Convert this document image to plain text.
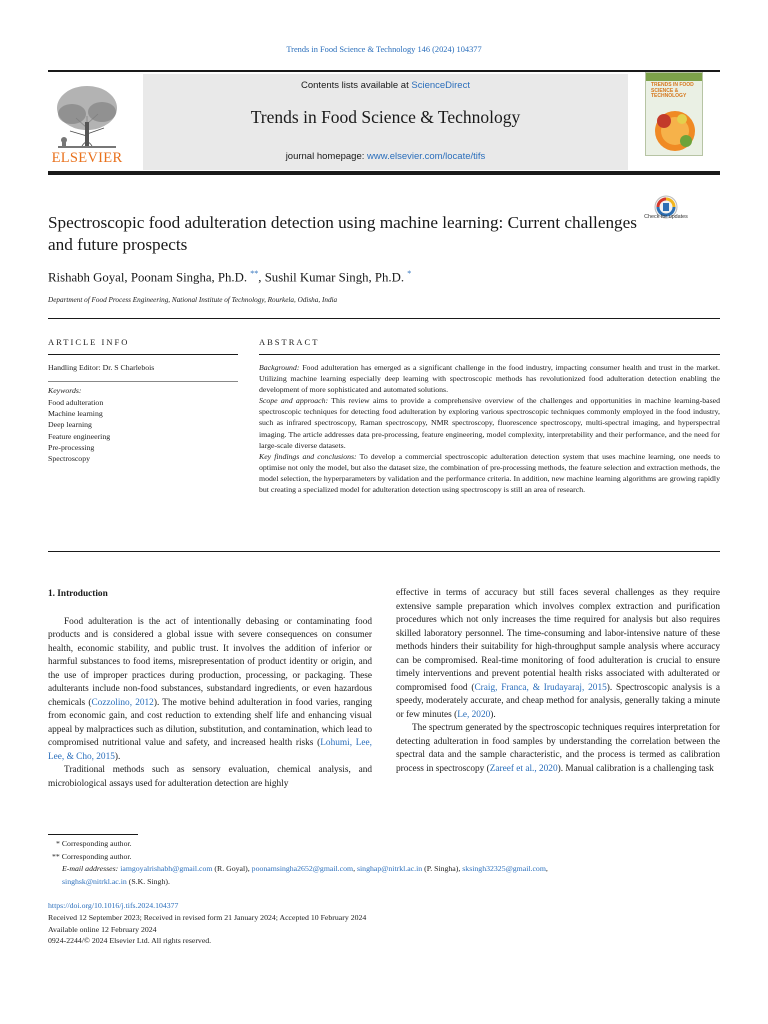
Trends in Food Science & Technology 146 (2024) 104377
ELSEVIER
Contents lists available at ScienceDirect
Trends in Food Science & Technology
journal homepage: www.elsevier.com/locate/tifs
TRENDS IN FOOD SCIENCE & TECHNOLOGY
Spectroscopic food adulteration detection using machine learning: Current challenges and future prospects
Check for updates
Rishabh Goyal, Poonam Singha, Ph.D. **, Sushil Kumar Singh, Ph.D. *
Department of Food Process Engineering, National Institute of Technology, Rourkela, Odisha, India
ARTICLE INFO
Handling Editor: Dr. S Charlebois
Keywords:
Food adulteration
Machine learning
Deep learning
Feature engineering
Pre-processing
Spectroscopy
ABSTRACT

Background: Food adulteration has emerged as a significant challenge in the food industry, impacting consumer health and trust in the market. Utilizing machine learning especially deep learning with spectroscopic methods has revolutionized food adulteration detection enabling the development of more sophisticated and automated solutions.

Scope and approach: This review aims to provide a comprehensive overview of the challenges and opportunities in machine learning-based spectroscopic techniques for detecting food adulteration by exploring various spectroscopic techniques commonly employed in the food industry, such as infrared spectroscopy, Raman spectroscopy, NMR spectroscopy, fluorescence spectroscopy, multi-spectral imaging, and hyperspectral imaging. The article addresses data pre-processing, feature engineering, model complexity, interpretability and their performance, and the need for large-scale diverse datasets.

Key findings and conclusions: To develop a commercial spectroscopic adulteration detection system that uses machine learning, one needs to optimise not only the model, but also the dataset size, the combination of pre-processing methods, the feature selection and extraction methods, the model selection, the hyperparameters by validation and the performance criteria. In addition, new machine learning algorithms are growing rapidly but creating a specialized model for adulteration detection using spectroscopy is still an area of research.

1. Introduction

Food adulteration is the act of intentionally debasing or contaminating food products and is considered a global issue with severe consequences on consumer health, economic stability, and public trust. It involves the addition of inferior or harmful substances to food items, misrepresentation of product identity or origin, and the use of improper practices during production, processing, or packaging. These adulterants include non-food substances, substandard ingredients, or even hazardous chemicals (Cozzolino, 2012). The motive behind adulteration in food varies, ranging from economic gain, and cost reduction to extending shelf life and enhancing visual appeal by malpractices such as dilution, substitution, and contamination, which lead to compromised nutritional value and safety, and increased health risks (Lohumi, Lee, Lee, & Cho, 2015).

Traditional methods such as sensory evaluation, chemical analysis, and microbiological assays used for adulteration detection are highly

effective in terms of accuracy but still faces several challenges as they require extensive sample preparation which involves complex extraction and purification procedures which not only increases the time required for analysis but also requires skilled laboratory personnel. The time-consuming and labor-intensive nature of these methods hinders their suitability for high-throughput sample analysis where accuracy can be compromised. Real-time monitoring of food adulteration is crucial to ensure timely interventions and prevent potential health risks associated with adulterated or compromised food (Craig, Franca, & Irudayaraj, 2015). Spectroscopic analysis is a speedy, moderately accurate, and cheap method for analysis, generally taking a minute or few minutes (Le, 2020).

The spectrum generated by the spectroscopic techniques requires interpretation for detecting adulteration in food samples by understanding the correlation between the spectral data and the sample characteristic, and the process is termed as calibration process in spectroscopy (Zareef et al., 2020). Manual calibration is a challenging task

* Corresponding author.
** Corresponding author.
E-mail addresses: iamgoyalrishabh@gmail.com (R. Goyal), poonamsingha2652@gmail.com, singhap@nitrkl.ac.in (P. Singha), sksingh32325@gmail.com,
singhsk@nitrkl.ac.in (S.K. Singh).
https://doi.org/10.1016/j.tifs.2024.104377
Received 12 September 2023; Received in revised form 21 January 2024; Accepted 10 February 2024
Available online 12 February 2024
0924-2244/© 2024 Elsevier Ltd. All rights reserved.
